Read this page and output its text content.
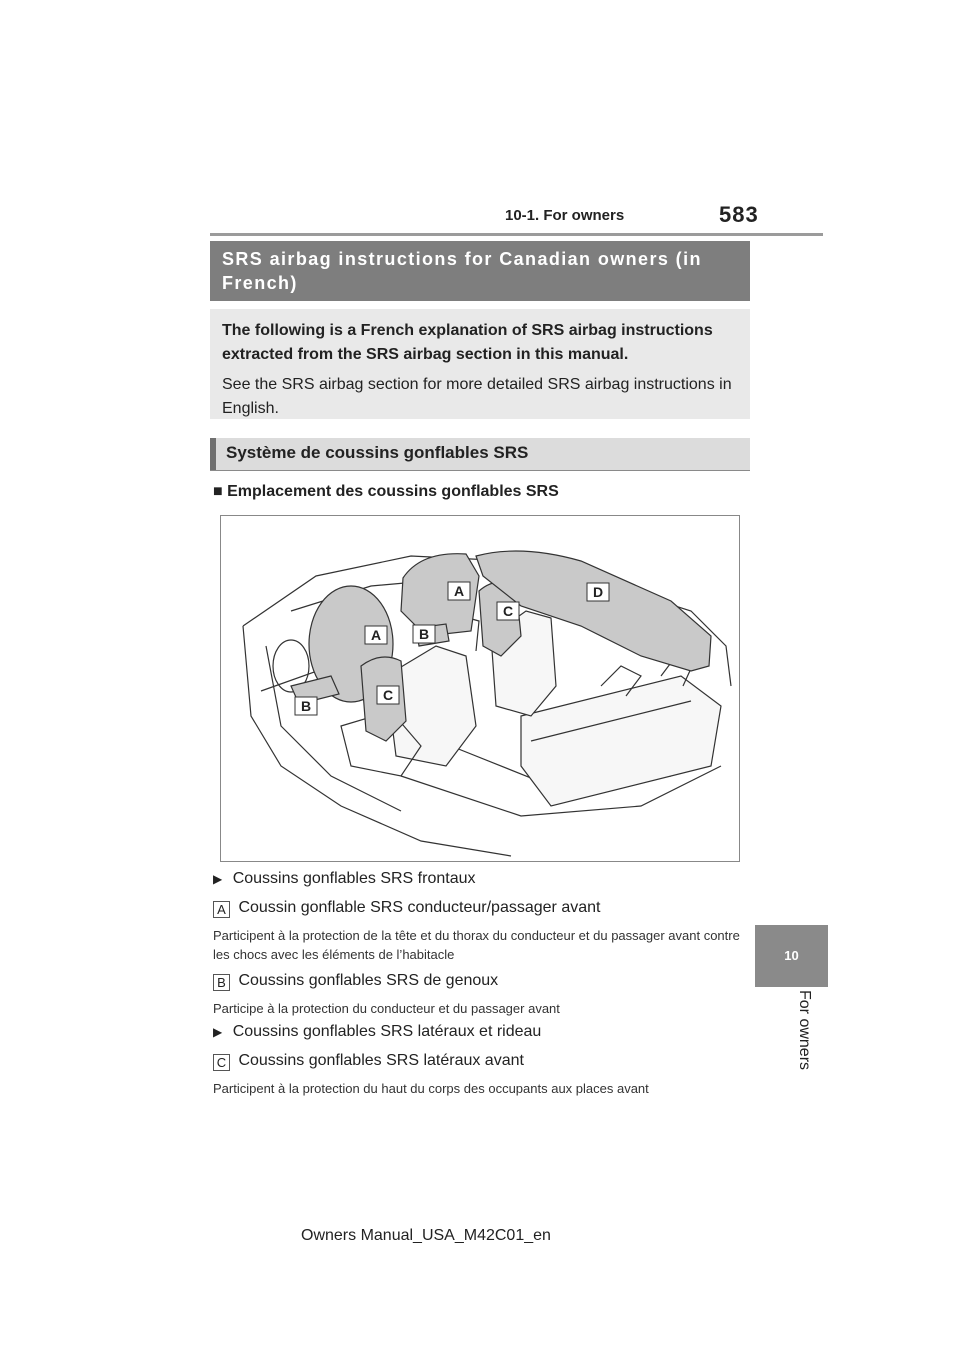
10-1. For owners	583
SRS airbag instructions for Canadian owners (in French)

The following is a French explanation of SRS airbag instructions extracted from the SRS airbag section in this manual.

See the SRS airbag section for more detailed SRS airbag instructions in English.

Système de coussins gonflables SRS
■ Emplacement des coussins gonflables SRS
A
A	B
B
C
C
D
▶ Coussins gonflables SRS frontaux
A Coussin gonflable SRS conducteur/passager avant
Participent à la protection de la tête et du thorax du conducteur et du passager avant contre les chocs avec les éléments de l’habitacle
B Coussins gonflables SRS de genoux
Participe à la protection du conducteur et du passager avant
▶ Coussins gonflables SRS latéraux et rideau
C Coussins gonflables SRS latéraux avant
Participent à la protection du haut du corps des occupants aux places avant
10
For owners
Owners Manual_USA_M42C01_en
